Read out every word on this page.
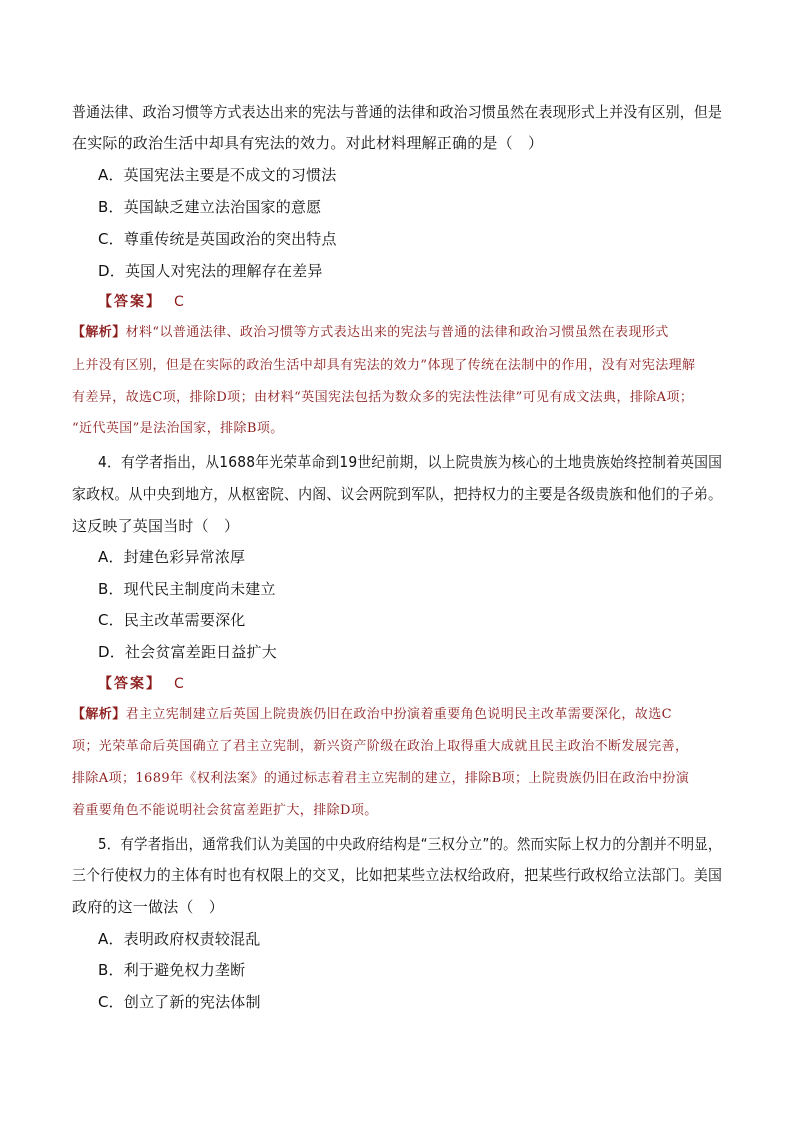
普通法律、政治习惯等方式表达出来的宪法与普通的法律和政治习惯虽然在表现形式上并没有区别，但是
在实际的政治生活中却具有宪法的效力。对此材料理解正确的是（　）
A．英国宪法主要是不成文的习惯法
B．英国缺乏建立法治国家的意愿
C．尊重传统是英国政治的突出特点
D．英国人对宪法的理解存在差异
【答案】 C
【解析】材料“以普通法律、政治习惯等方式表达出来的宪法与普通的法律和政治习惯虽然在表现形式
上并没有区别，但是在实际的政治生活中却具有宪法的效力”体现了传统在法制中的作用，没有对宪法理解
有差异，故选C项，排除D项；由材料“英国宪法包括为数众多的宪法性法律”可见有成文法典，排除A项；
“近代英国”是法治国家，排除B项。
4．有学者指出，从1688年光荣革命到19世纪前期，以上院贵族为核心的土地贵族始终控制着英国国
家政权。从中央到地方，从枢密院、内阁、议会两院到军队，把持权力的主要是各级贵族和他们的子弟。
这反映了英国当时（　）
A．封建色彩异常浓厚
B．现代民主制度尚未建立
C．民主改革需要深化
D．社会贫富差距日益扩大
【答案】 C
【解析】君主立宪制建立后英国上院贵族仍旧在政治中扮演着重要角色说明民主改革需要深化，故选C
项；光荣革命后英国确立了君主立宪制，新兴资产阶级在政治上取得重大成就且民主政治不断发展完善，
排除A项；1689年《权利法案》的通过标志着君主立宪制的建立，排除B项；上院贵族仍旧在政治中扮演
着重要角色不能说明社会贫富差距扩大，排除D项。
5．有学者指出，通常我们认为美国的中央政府结构是“三权分立”的。然而实际上权力的分割并不明显，
三个行使权力的主体有时也有权限上的交叉，比如把某些立法权给政府，把某些行政权给立法部门。美国
政府的这一做法（　）
A．表明政府权责较混乱
B．利于避免权力垄断
C．创立了新的宪法体制
